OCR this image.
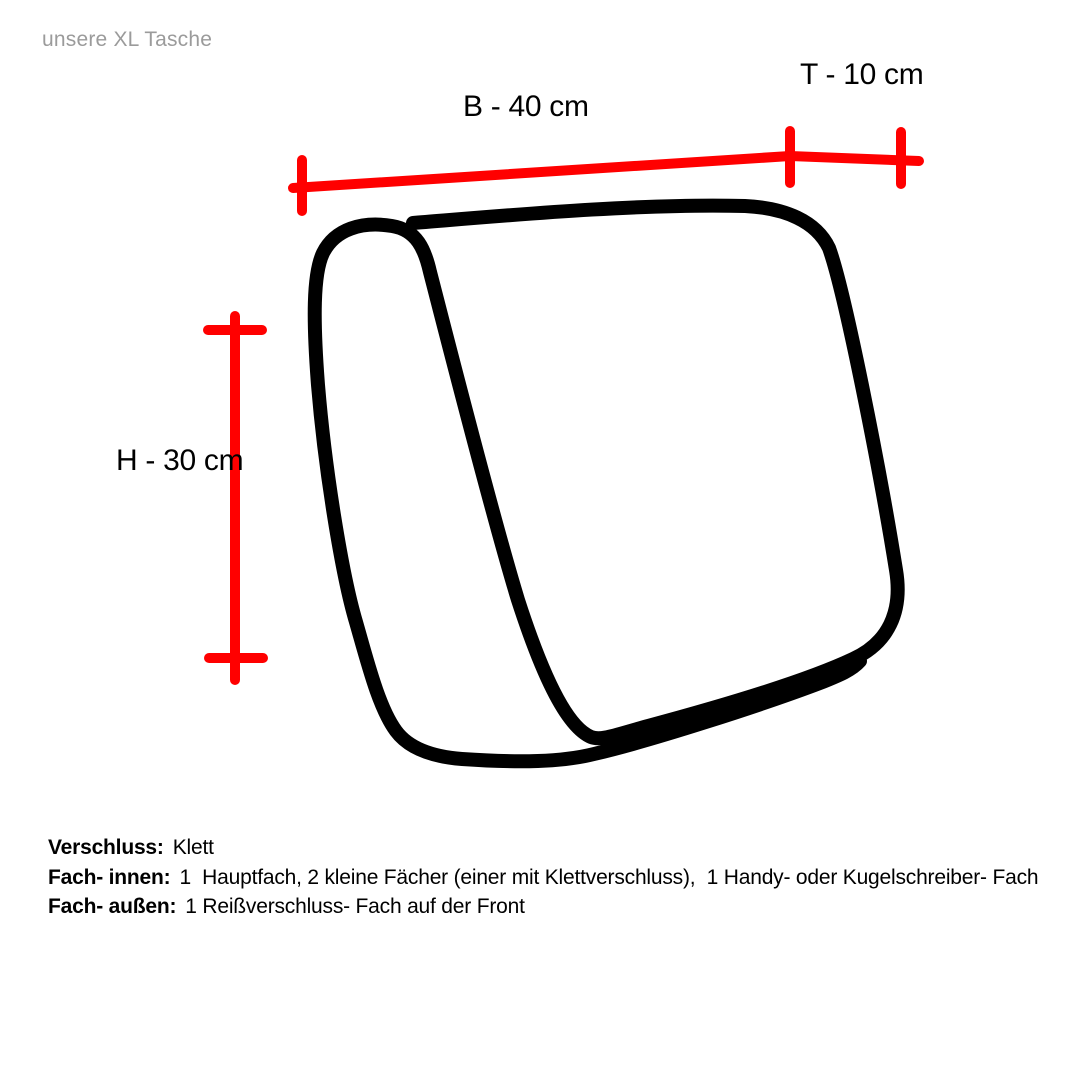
unsere XL Tasche
B - 40 cm
T - 10 cm
H - 30 cm
Verschluss: Klett
Fach- innen: 1  Hauptfach, 2 kleine Fächer (einer mit Klettverschluss),  1 Handy- oder Kugelschreiber- Fach
Fach- außen: 1 Reißverschluss- Fach auf der Front
